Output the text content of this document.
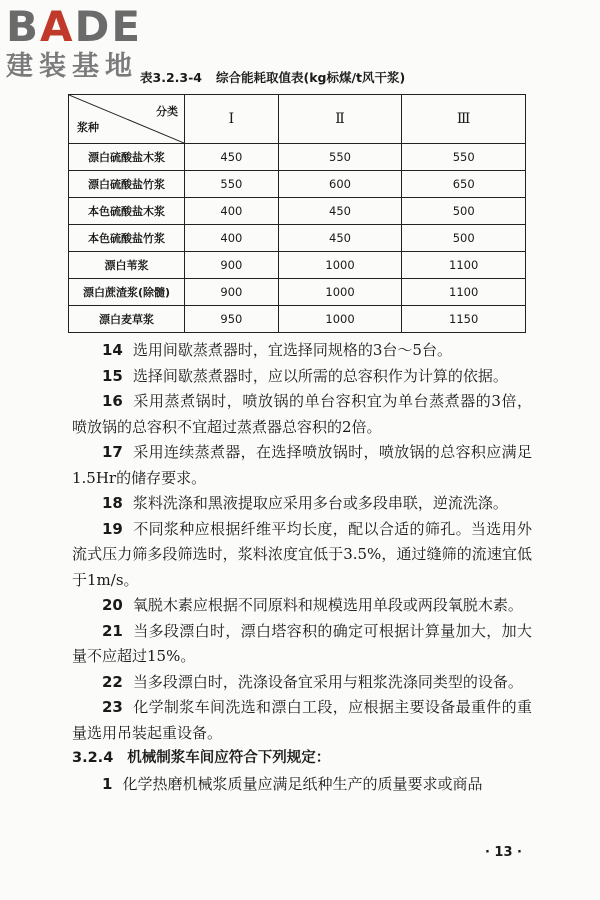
BADE
建装基地 表3.2.3-4 综合能耗取值表(kg标煤/t风干浆)
分类
浆种	Ⅰ	Ⅱ	Ⅲ
漂白硫酸盐木浆	450	550	550
漂白硫酸盐竹浆	550	600	650
本色硫酸盐木浆	400	450	500
本色硫酸盐竹浆	400	450	500
漂白苇浆	900	1000	1100
漂白蔗渣浆(除髓)	900	1000	1100
漂白麦草浆	950	1000	1150

14 选用间歇蒸煮器时，宜选择同规格的3台～5台。

15 选择间歇蒸煮器时，应以所需的总容积作为计算的依据。

16 采用蒸煮锅时，喷放锅的单台容积宜为单台蒸煮器的3倍，喷放锅的总容积不宜超过蒸煮器总容积的2倍。

17 采用连续蒸煮器，在选择喷放锅时，喷放锅的总容积应满足1.5Hr的储存要求。

18 浆料洗涤和黑液提取应采用多台或多段串联，逆流洗涤。

19 不同浆种应根据纤维平均长度，配以合适的筛孔。当选用外流式压力筛多段筛选时，浆料浓度宜低于3.5%，通过缝筛的流速宜低于1m/s。

20 氧脱木素应根据不同原料和规模选用单段或两段氧脱木素。

21 当多段漂白时，漂白塔容积的确定可根据计算量加大，加大量不应超过15%。

22 当多段漂白时，洗涤设备宜采用与粗浆洗涤同类型的设备。

23 化学制浆车间洗选和漂白工段，应根据主要设备最重件的重量选用吊装起重设备。

3.2.4 机械制浆车间应符合下列规定：

1 化学热磨机械浆质量应满足纸种生产的质量要求或商品

· 13 ·
